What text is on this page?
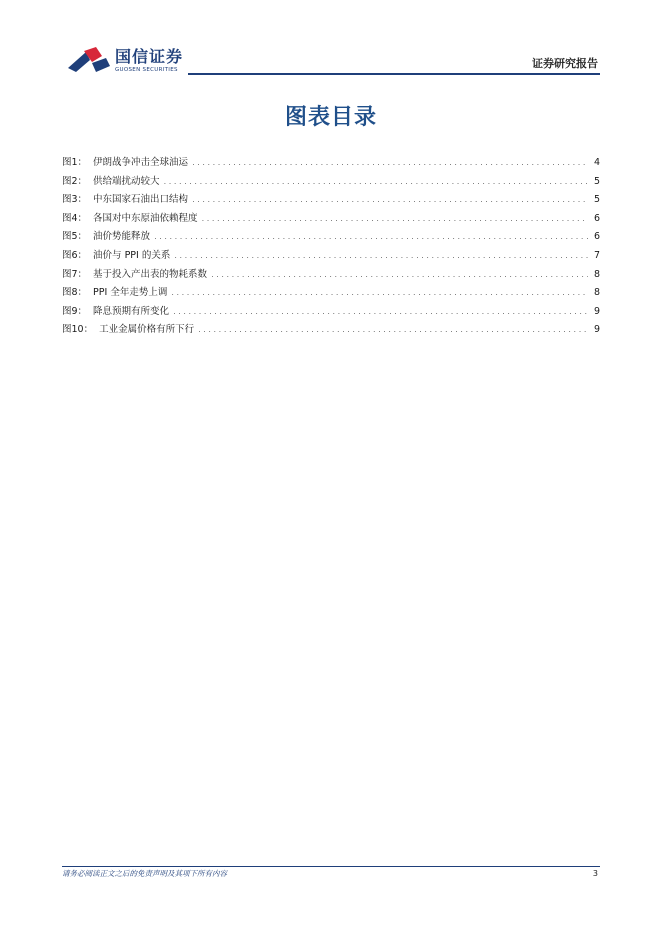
国信证券
GUOSEN SECURITIES	证券研究报告
图表目录
图1： 伊朗战争冲击全球油运 .....	4
图2： 供给端扰动较大 .....	5
图3： 中东国家石油出口结构 .....	5
图4： 各国对中东原油依赖程度 .....	6
图5： 油价势能释放 .....	6
图6： 油价与 PPI 的关系 .....	7
图7： 基于投入产出表的物耗系数 .....	8
图8： PPI 全年走势上调 .....	8
图9： 降息预期有所变化 .....	9
图10： 工业金属价格有所下行 .....	9
请务必阅读正文之后的免责声明及其项下所有内容	3
